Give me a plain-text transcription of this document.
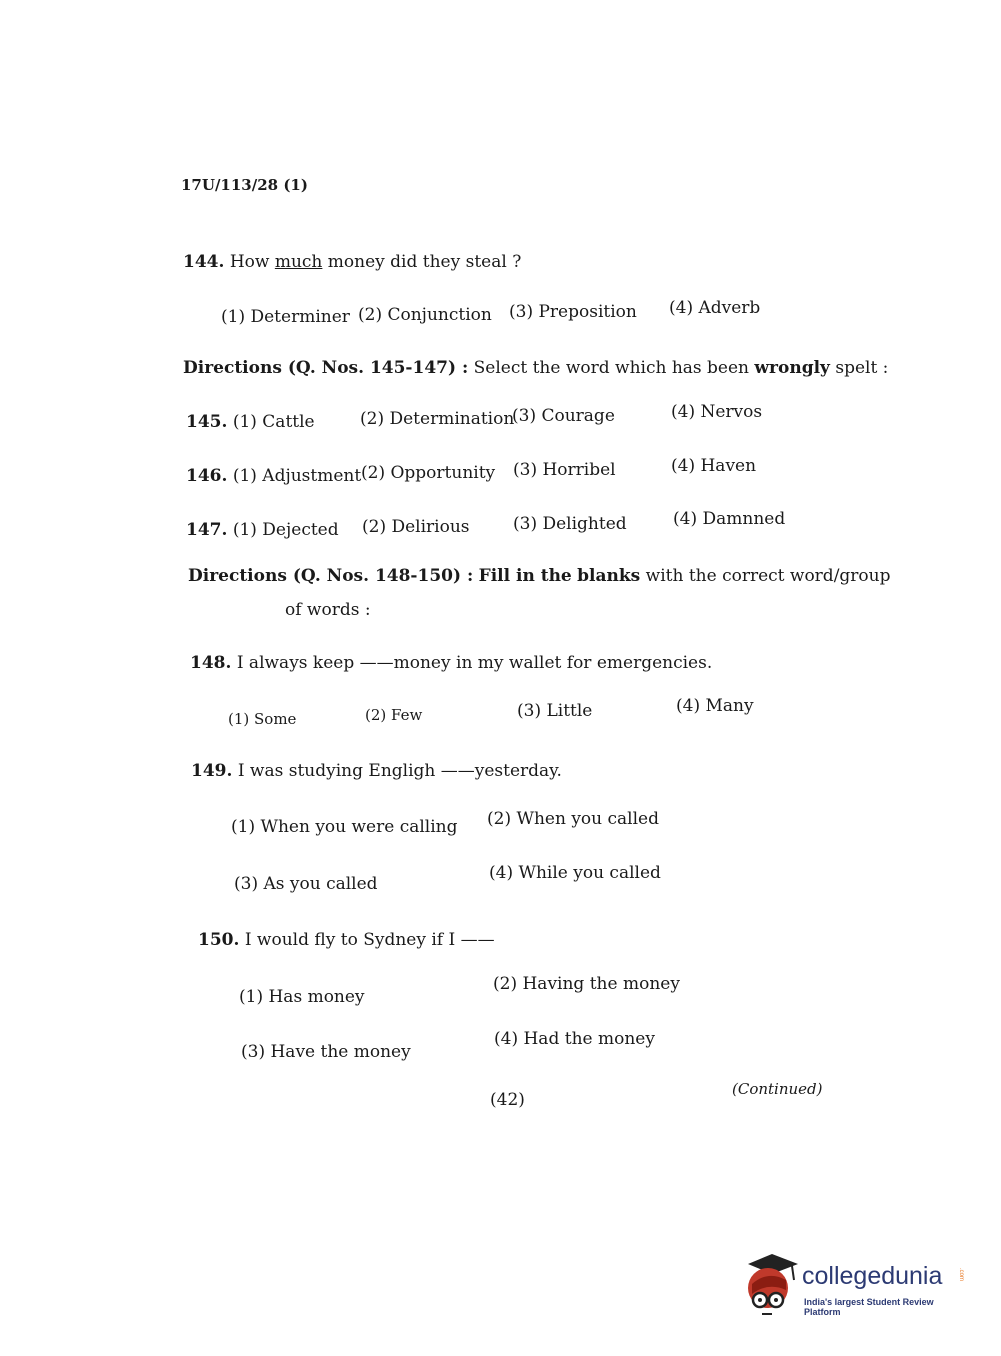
17U/113/28 (1)
144. How much money did they steal ?
(1) Determiner (2) Conjunction (3) Preposition (4) Adverb
Directions (Q. Nos. 145-147) : Select the word which has been wrongly spelt :
145. (1) Cattle	(2) Determination
(3) Courage	(4) Nervos
146. (1) Adjustment (2) Opportunity (3) Horribel	(4) Haven
147. (1) Dejected (2) Delirious	(3) Delighted	(4) Damnned
Directions (Q. Nos. 148-150) : Fill in the blanks with the correct word/group
of words :
148. I always keep ——money in my wallet for emergencies.
(1) Some	(2) Few	(3) Little	(4) Many
149. I was studying Engligh ——yesterday.
(1) When you were calling (2) When you called
(3) As you called
(4) While you called
150. I would fly to Sydney if I ——
(1) Has money
(2) Having the money
(3) Have the money
(4) Had the money
(42)
(Continued)
collegedunia	.com
India's largest Student Review Platform
